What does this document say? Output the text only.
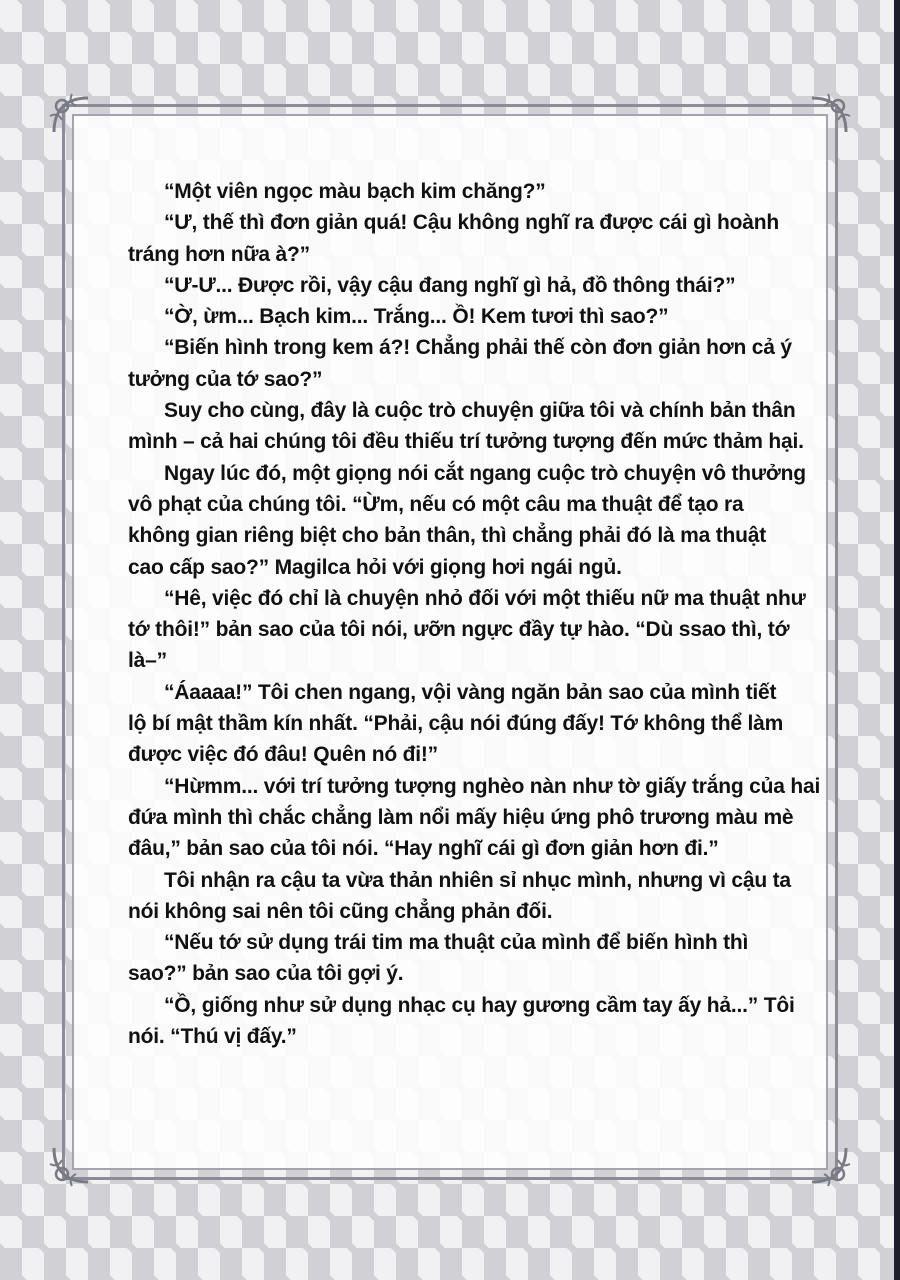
“Một viên ngọc màu bạch kim chăng?”

“Ư, thế thì đơn giản quá! Cậu không nghĩ ra được cái gì hoành
tráng hơn nữa à?”

“Ư-Ư... Được rồi, vậy cậu đang nghĩ gì hả, đồ thông thái?”

“Ờ, ừm... Bạch kim... Trắng... Ồ! Kem tươi thì sao?”

“Biến hình trong kem á?! Chẳng phải thế còn đơn giản hơn cả ý
tưởng của tớ sao?”

Suy cho cùng, đây là cuộc trò chuyện giữa tôi và chính bản thân
mình – cả hai chúng tôi đều thiếu trí tưởng tượng đến mức thảm hại.

Ngay lúc đó, một giọng nói cắt ngang cuộc trò chuyện vô thưởng
vô phạt của chúng tôi. “Ừm, nếu có một câu ma thuật để tạo ra
không gian riêng biệt cho bản thân, thì chẳng phải đó là ma thuật
cao cấp sao?” Magilca hỏi với giọng hơi ngái ngủ.

“Hê, việc đó chỉ là chuyện nhỏ đối với một thiếu nữ ma thuật như
tớ thôi!” bản sao của tôi nói, ưỡn ngực đầy tự hào. “Dù ssao thì, tớ
là–”

“Áaaaa!” Tôi chen ngang, vội vàng ngăn bản sao của mình tiết
lộ bí mật thầm kín nhất. “Phải, cậu nói đúng đấy! Tớ không thể làm
được việc đó đâu! Quên nó đi!”

“Hừmm... với trí tưởng tượng nghèo nàn như tờ giấy trắng của hai
đứa mình thì chắc chẳng làm nổi mấy hiệu ứng phô trương màu mè
đâu,” bản sao của tôi nói. “Hay nghĩ cái gì đơn giản hơn đi.”

Tôi nhận ra cậu ta vừa thản nhiên sỉ nhục mình, nhưng vì cậu ta
nói không sai nên tôi cũng chẳng phản đối.

“Nếu tớ sử dụng trái tim ma thuật của mình để biến hình thì
sao?” bản sao của tôi gợi ý.

“Ồ, giống như sử dụng nhạc cụ hay gương cầm tay ấy hả...” Tôi
nói. “Thú vị đấy.”
